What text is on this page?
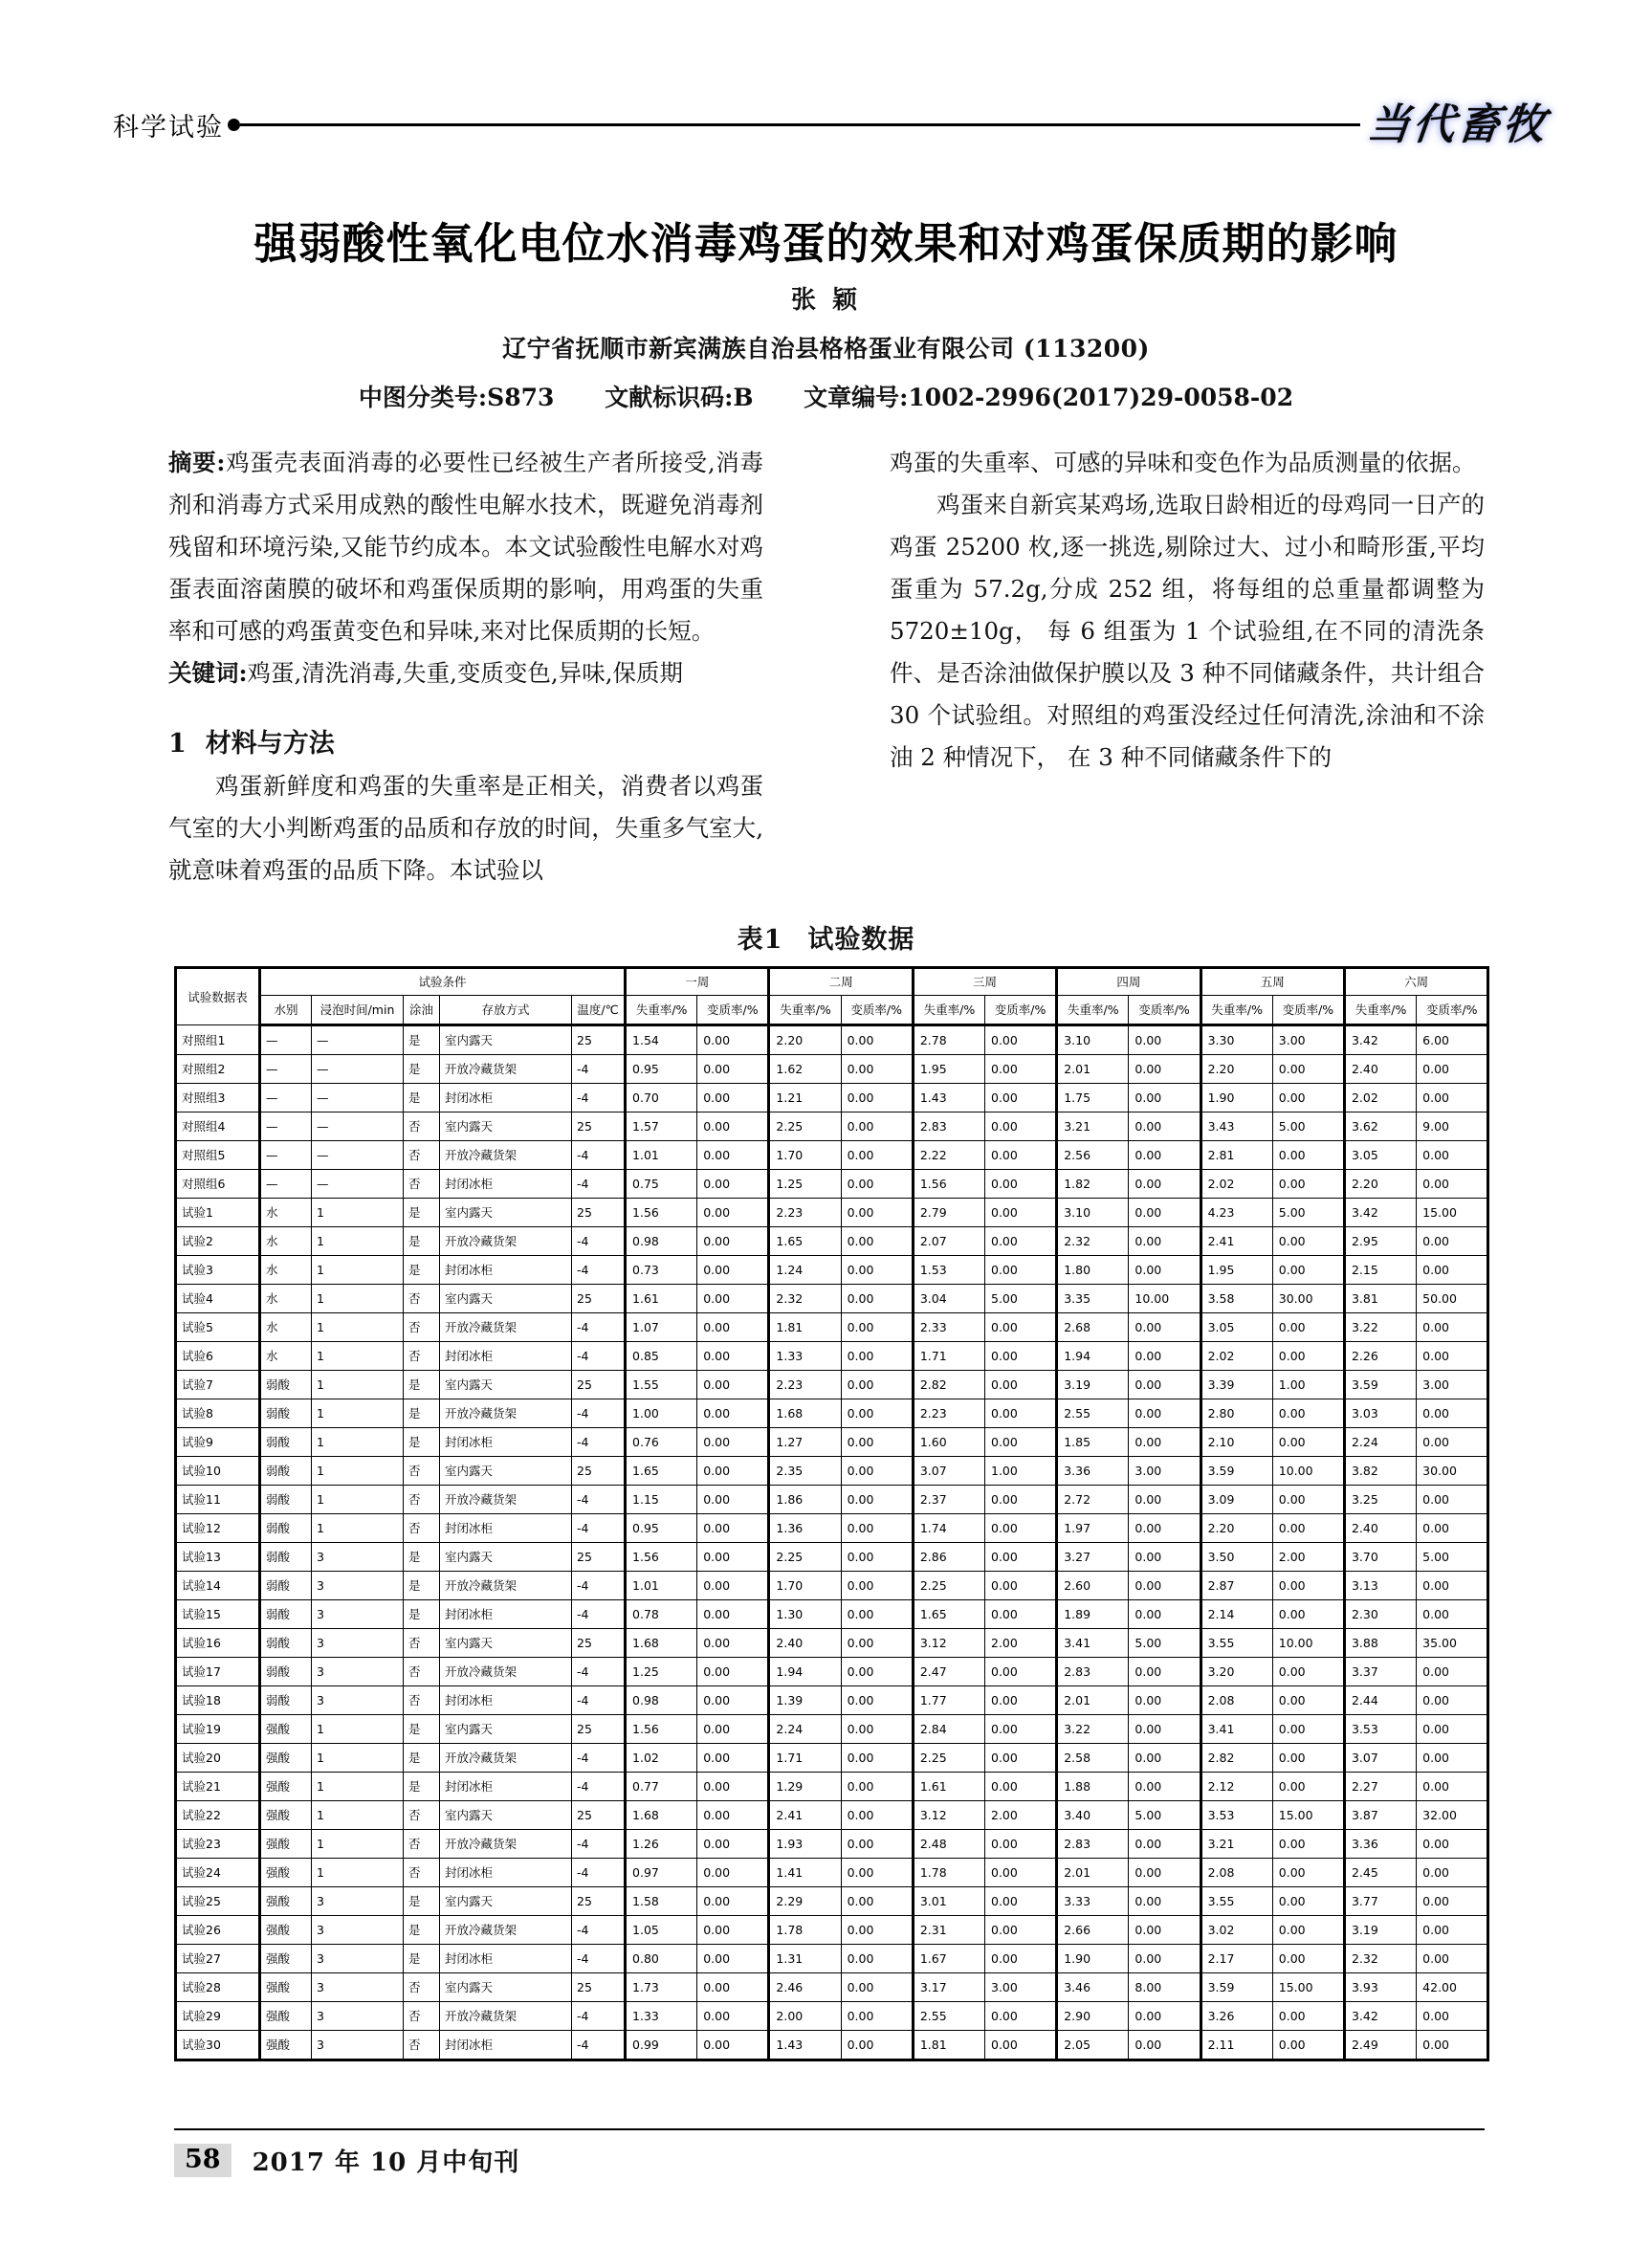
科学试验	当代畜牧
强弱酸性氧化电位水消毒鸡蛋的效果和对鸡蛋保质期的影响
张 颖
辽宁省抚顺市新宾满族自治县格格蛋业有限公司 (113200)
中图分类号:S873 文献标识码:B 文章编号:1002-2996(2017)29-0058-02

摘要:鸡蛋壳表面消毒的必要性已经被生产者所接受,消毒剂和消毒方式采用成熟的酸性电解水技术，既避免消毒剂残留和环境污染,又能节约成本。本文试验酸性电解水对鸡蛋表面溶菌膜的破坏和鸡蛋保质期的影响，用鸡蛋的失重率和可感的鸡蛋黄变色和异味,来对比保质期的长短。

关键词:鸡蛋,清洗消毒,失重,变质变色,异味,保质期

1 材料与方法

鸡蛋新鲜度和鸡蛋的失重率是正相关，消费者以鸡蛋气室的大小判断鸡蛋的品质和存放的时间，失重多气室大,就意味着鸡蛋的品质下降。本试验以

鸡蛋的失重率、可感的异味和变色作为品质测量的依据。

鸡蛋来自新宾某鸡场,选取日龄相近的母鸡同一日产的鸡蛋 25200 枚,逐一挑选,剔除过大、过小和畸形蛋,平均蛋重为 57.2g,分成 252 组，将每组的总重量都调整为 5720±10g， 每 6 组蛋为 1 个试验组,在不同的清洗条件、是否涂油做保护膜以及 3 种不同储藏条件，共计组合 30 个试验组。对照组的鸡蛋没经过任何清洗,涂油和不涂油 2 种情况下， 在 3 种不同储藏条件下的

表1 试验数据
试验数据表	试验条件					一周		二周		三周		四周		五周		六周	
	水别	浸泡时间/min	涂油	存放方式	温度/℃	失重率/%	变质率/%	失重率/%	变质率/%	失重率/%	变质率/%	失重率/%	变质率/%	失重率/%	变质率/%	失重率/%	变质率/%
对照组1	—	—	是	室内露天	25	1.54	0.00	2.20	0.00	2.78	0.00	3.10	0.00	3.30	3.00	3.42	6.00
对照组2	—	—	是	开放冷藏货架	-4	0.95	0.00	1.62	0.00	1.95	0.00	2.01	0.00	2.20	0.00	2.40	0.00
对照组3	—	—	是	封闭冰柜	-4	0.70	0.00	1.21	0.00	1.43	0.00	1.75	0.00	1.90	0.00	2.02	0.00
对照组4	—	—	否	室内露天	25	1.57	0.00	2.25	0.00	2.83	0.00	3.21	0.00	3.43	5.00	3.62	9.00
对照组5	—	—	否	开放冷藏货架	-4	1.01	0.00	1.70	0.00	2.22	0.00	2.56	0.00	2.81	0.00	3.05	0.00
对照组6	—	—	否	封闭冰柜	-4	0.75	0.00	1.25	0.00	1.56	0.00	1.82	0.00	2.02	0.00	2.20	0.00
试验1	水	1	是	室内露天	25	1.56	0.00	2.23	0.00	2.79	0.00	3.10	0.00	4.23	5.00	3.42	15.00
试验2	水	1	是	开放冷藏货架	-4	0.98	0.00	1.65	0.00	2.07	0.00	2.32	0.00	2.41	0.00	2.95	0.00
试验3	水	1	是	封闭冰柜	-4	0.73	0.00	1.24	0.00	1.53	0.00	1.80	0.00	1.95	0.00	2.15	0.00
试验4	水	1	否	室内露天	25	1.61	0.00	2.32	0.00	3.04	5.00	3.35	10.00	3.58	30.00	3.81	50.00
试验5	水	1	否	开放冷藏货架	-4	1.07	0.00	1.81	0.00	2.33	0.00	2.68	0.00	3.05	0.00	3.22	0.00
试验6	水	1	否	封闭冰柜	-4	0.85	0.00	1.33	0.00	1.71	0.00	1.94	0.00	2.02	0.00	2.26	0.00
试验7	弱酸	1	是	室内露天	25	1.55	0.00	2.23	0.00	2.82	0.00	3.19	0.00	3.39	1.00	3.59	3.00
试验8	弱酸	1	是	开放冷藏货架	-4	1.00	0.00	1.68	0.00	2.23	0.00	2.55	0.00	2.80	0.00	3.03	0.00
试验9	弱酸	1	是	封闭冰柜	-4	0.76	0.00	1.27	0.00	1.60	0.00	1.85	0.00	2.10	0.00	2.24	0.00
试验10	弱酸	1	否	室内露天	25	1.65	0.00	2.35	0.00	3.07	1.00	3.36	3.00	3.59	10.00	3.82	30.00
试验11	弱酸	1	否	开放冷藏货架	-4	1.15	0.00	1.86	0.00	2.37	0.00	2.72	0.00	3.09	0.00	3.25	0.00
试验12	弱酸	1	否	封闭冰柜	-4	0.95	0.00	1.36	0.00	1.74	0.00	1.97	0.00	2.20	0.00	2.40	0.00
试验13	弱酸	3	是	室内露天	25	1.56	0.00	2.25	0.00	2.86	0.00	3.27	0.00	3.50	2.00	3.70	5.00
试验14	弱酸	3	是	开放冷藏货架	-4	1.01	0.00	1.70	0.00	2.25	0.00	2.60	0.00	2.87	0.00	3.13	0.00
试验15	弱酸	3	是	封闭冰柜	-4	0.78	0.00	1.30	0.00	1.65	0.00	1.89	0.00	2.14	0.00	2.30	0.00
试验16	弱酸	3	否	室内露天	25	1.68	0.00	2.40	0.00	3.12	2.00	3.41	5.00	3.55	10.00	3.88	35.00
试验17	弱酸	3	否	开放冷藏货架	-4	1.25	0.00	1.94	0.00	2.47	0.00	2.83	0.00	3.20	0.00	3.37	0.00
试验18	弱酸	3	否	封闭冰柜	-4	0.98	0.00	1.39	0.00	1.77	0.00	2.01	0.00	2.08	0.00	2.44	0.00
试验19	强酸	1	是	室内露天	25	1.56	0.00	2.24	0.00	2.84	0.00	3.22	0.00	3.41	0.00	3.53	0.00
试验20	强酸	1	是	开放冷藏货架	-4	1.02	0.00	1.71	0.00	2.25	0.00	2.58	0.00	2.82	0.00	3.07	0.00
试验21	强酸	1	是	封闭冰柜	-4	0.77	0.00	1.29	0.00	1.61	0.00	1.88	0.00	2.12	0.00	2.27	0.00
试验22	强酸	1	否	室内露天	25	1.68	0.00	2.41	0.00	3.12	2.00	3.40	5.00	3.53	15.00	3.87	32.00
试验23	强酸	1	否	开放冷藏货架	-4	1.26	0.00	1.93	0.00	2.48	0.00	2.83	0.00	3.21	0.00	3.36	0.00
试验24	强酸	1	否	封闭冰柜	-4	0.97	0.00	1.41	0.00	1.78	0.00	2.01	0.00	2.08	0.00	2.45	0.00
试验25	强酸	3	是	室内露天	25	1.58	0.00	2.29	0.00	3.01	0.00	3.33	0.00	3.55	0.00	3.77	0.00
试验26	强酸	3	是	开放冷藏货架	-4	1.05	0.00	1.78	0.00	2.31	0.00	2.66	0.00	3.02	0.00	3.19	0.00
试验27	强酸	3	是	封闭冰柜	-4	0.80	0.00	1.31	0.00	1.67	0.00	1.90	0.00	2.17	0.00	2.32	0.00
试验28	强酸	3	否	室内露天	25	1.73	0.00	2.46	0.00	3.17	3.00	3.46	8.00	3.59	15.00	3.93	42.00
试验29	强酸	3	否	开放冷藏货架	-4	1.33	0.00	2.00	0.00	2.55	0.00	2.90	0.00	3.26	0.00	3.42	0.00
试验30	强酸	3	否	封闭冰柜	-4	0.99	0.00	1.43	0.00	1.81	0.00	2.05	0.00	2.11	0.00	2.49	0.00
58	2017 年 10 月中旬刊
